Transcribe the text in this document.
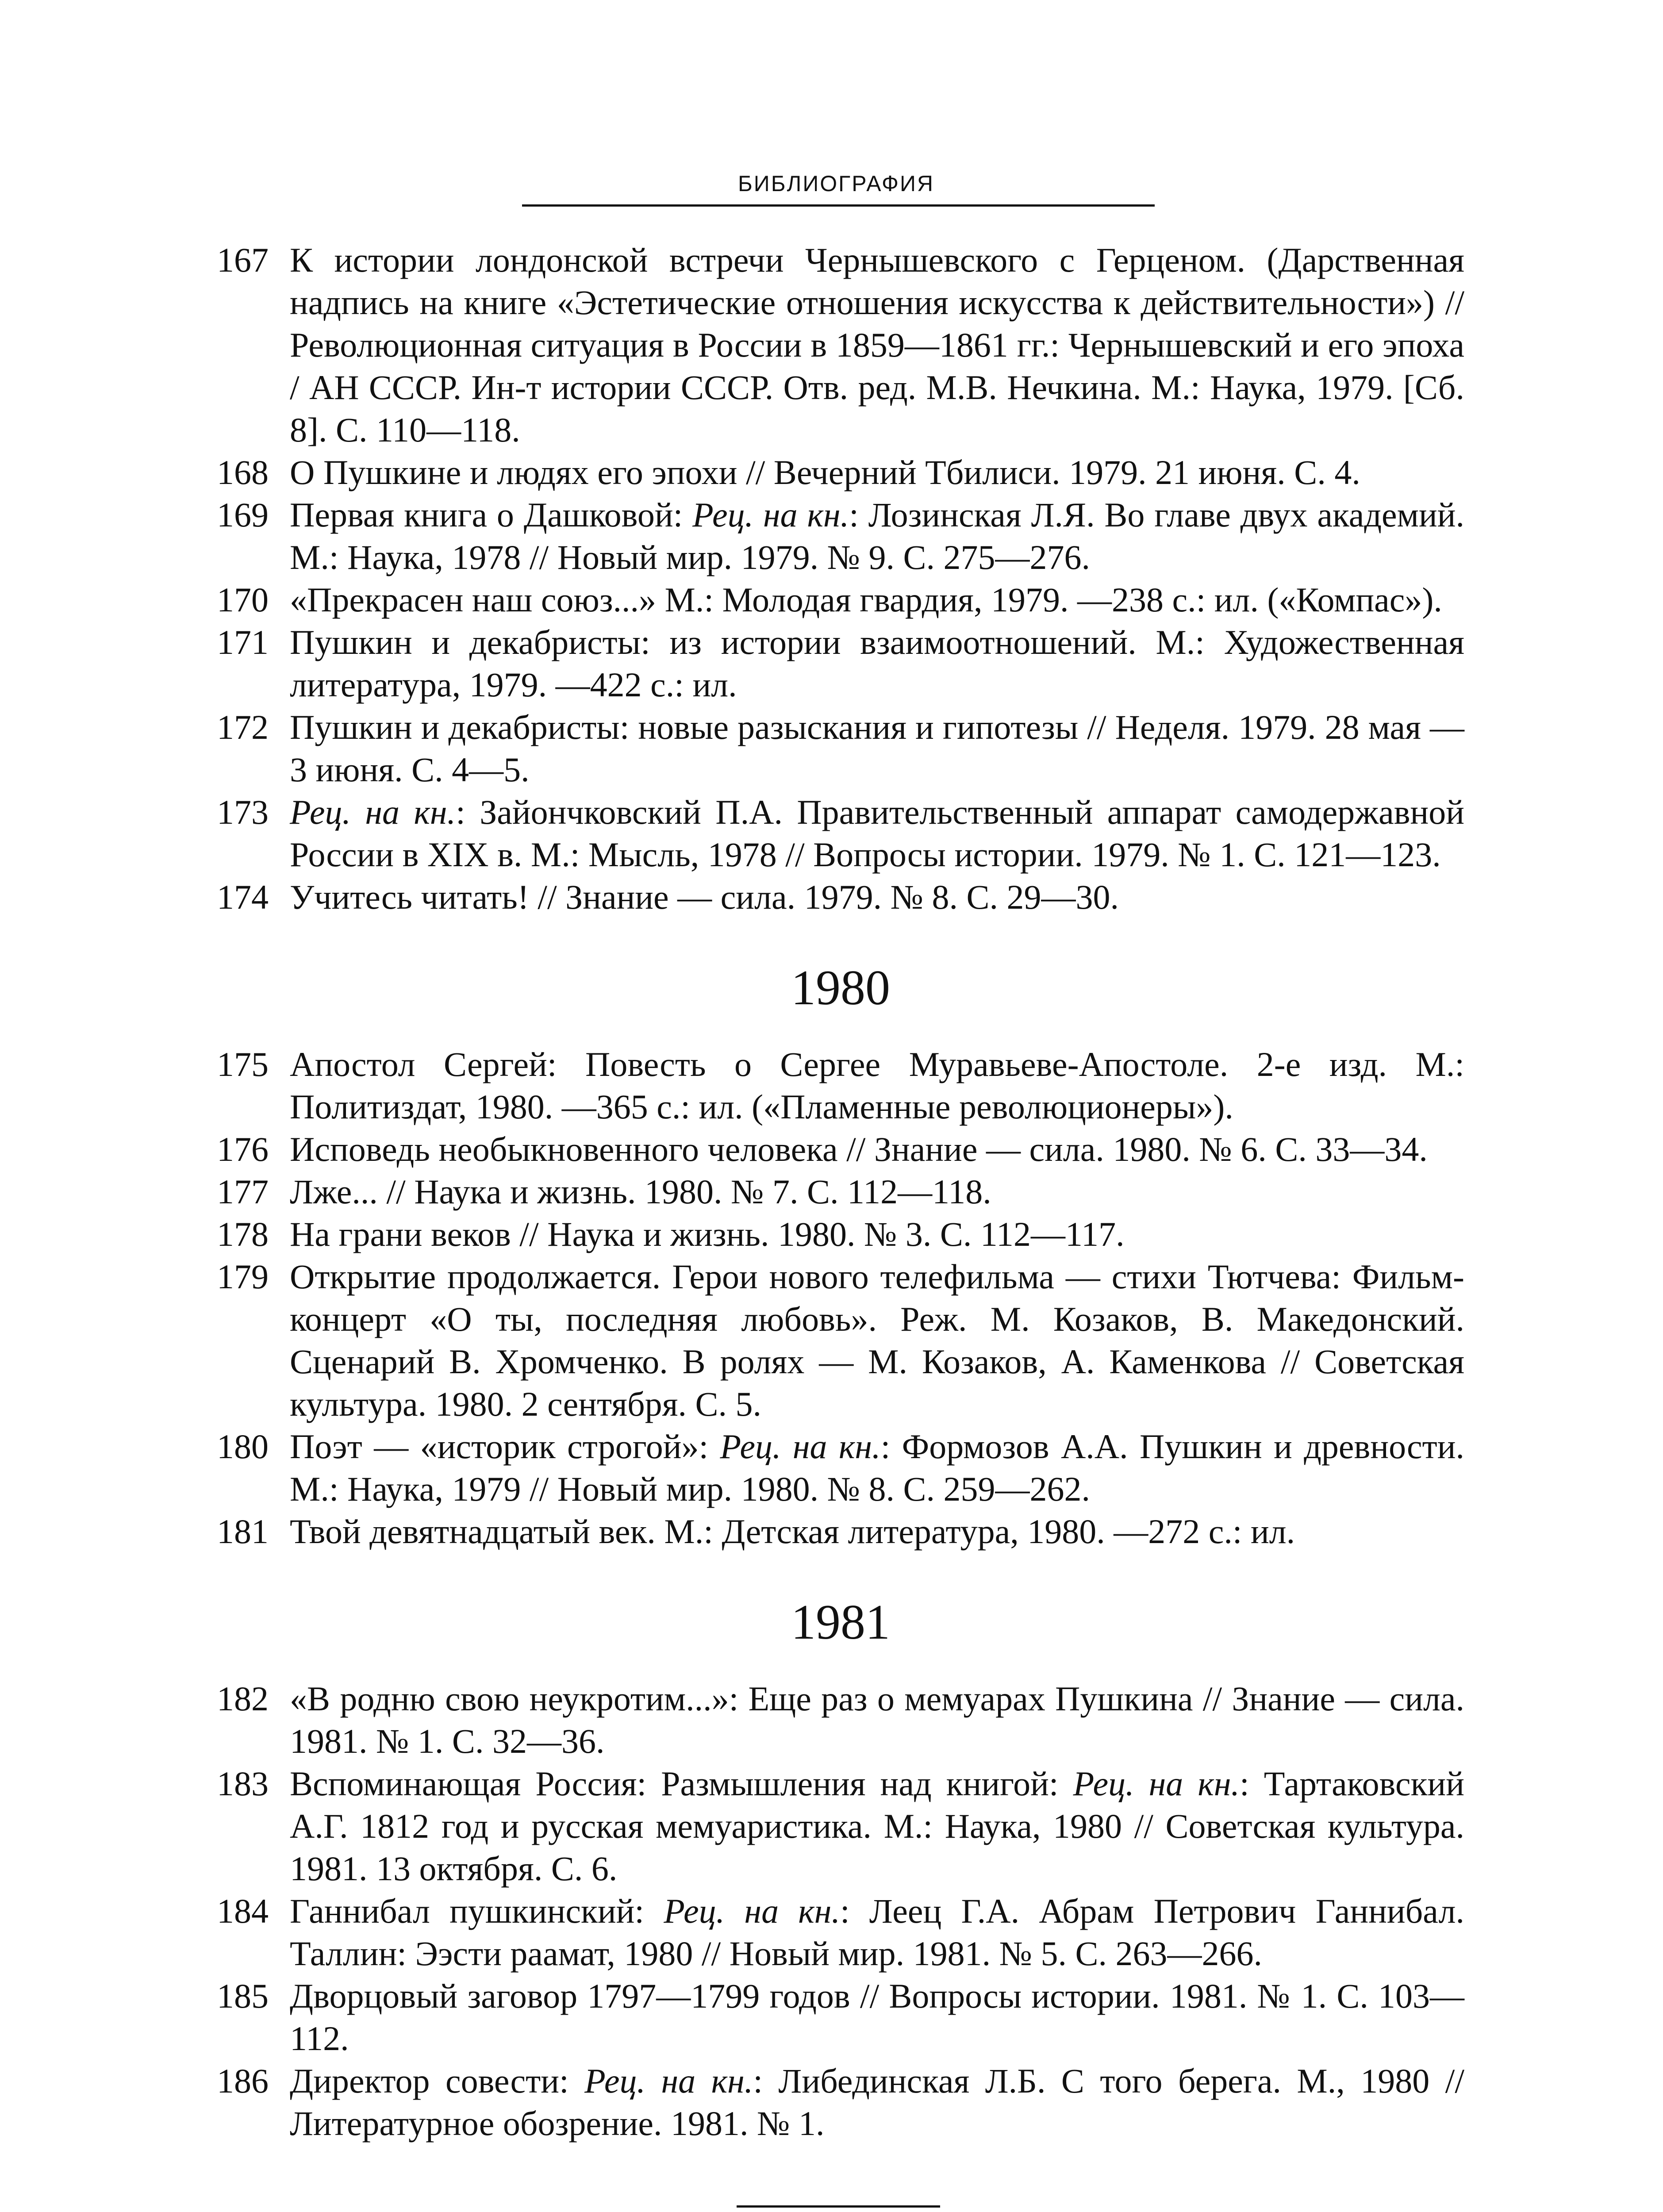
БИБЛИОГРАФИЯ
167 К истории лондонской встречи Чернышевского с Герценом. (Дарственная надпись на книге «Эстетические отношения искусства к действительности») // Революционная ситуация в России в 1859—1861 гг.: Чернышевский и его эпоха / АН СССР. Ин-т истории СССР. Отв. ред. М.В. Нечкина. М.: Наука, 1979. [Сб. 8]. С. 110—118.
168 О Пушкине и людях его эпохи // Вечерний Тбилиси. 1979. 21 июня. С. 4.
169 Первая книга о Дашковой: Рец. на кн.: Лозинская Л.Я. Во главе двух академий. М.: Наука, 1978 // Новый мир. 1979. № 9. С. 275—276.
170 «Прекрасен наш союз...» М.: Молодая гвардия, 1979. —238 с.: ил. («Компас»).
171 Пушкин и декабристы: из истории взаимоотношений. М.: Художественная литература, 1979. —422 с.: ил.
172 Пушкин и декабристы: новые разыскания и гипотезы // Неделя. 1979. 28 мая —3 июня. С. 4—5.
173 Рец. на кн.: Зайончковский П.А. Правительственный аппарат самодержавной России в XIX в. М.: Мысль, 1978 // Вопросы истории. 1979. № 1. С. 121—123.
174 Учитесь читать! // Знание — сила. 1979. № 8. С. 29—30.
1980
175 Апостол Сергей: Повесть о Сергее Муравьеве-Апостоле. 2-е изд. М.: Политиздат, 1980. —365 с.: ил. («Пламенные революционеры»).
176 Исповедь необыкновенного человека // Знание — сила. 1980. № 6. С. 33—34.
177 Лже... // Наука и жизнь. 1980. № 7. С. 112—118.
178 На грани веков // Наука и жизнь. 1980. № 3. С. 112—117.
179 Открытие продолжается. Герои нового телефильма — стихи Тютчева: Фильм-концерт «О ты, последняя любовь». Реж. М. Козаков, В. Македонский. Сценарий В. Хромченко. В ролях — М. Козаков, А. Каменкова // Советская культура. 1980. 2 сентября. С. 5.
180 Поэт — «историк строгой»: Рец. на кн.: Формозов А.А. Пушкин и древности. М.: Наука, 1979 // Новый мир. 1980. № 8. С. 259—262.
181 Твой девятнадцатый век. М.: Детская литература, 1980. —272 с.: ил.
1981
182 «В родню свою неукротим...»: Еще раз о мемуарах Пушкина // Знание — сила. 1981. № 1. С. 32—36.
183 Вспоминающая Россия: Размышления над книгой: Рец. на кн.: Тартаковский А.Г. 1812 год и русская мемуаристика. М.: Наука, 1980 // Советская культура. 1981. 13 октября. С. 6.
184 Ганнибал пушкинский: Рец. на кн.: Леец Г.А. Абрам Петрович Ганнибал. Таллин: Ээсти раамат, 1980 // Новый мир. 1981. № 5. С. 263—266.
185 Дворцовый заговор 1797—1799 годов // Вопросы истории. 1981. № 1. С. 103—112.
186 Директор совести: Рец. на кн.: Либединская Л.Б. С того берега. М., 1980 // Литературное обозрение. 1981. № 1.
